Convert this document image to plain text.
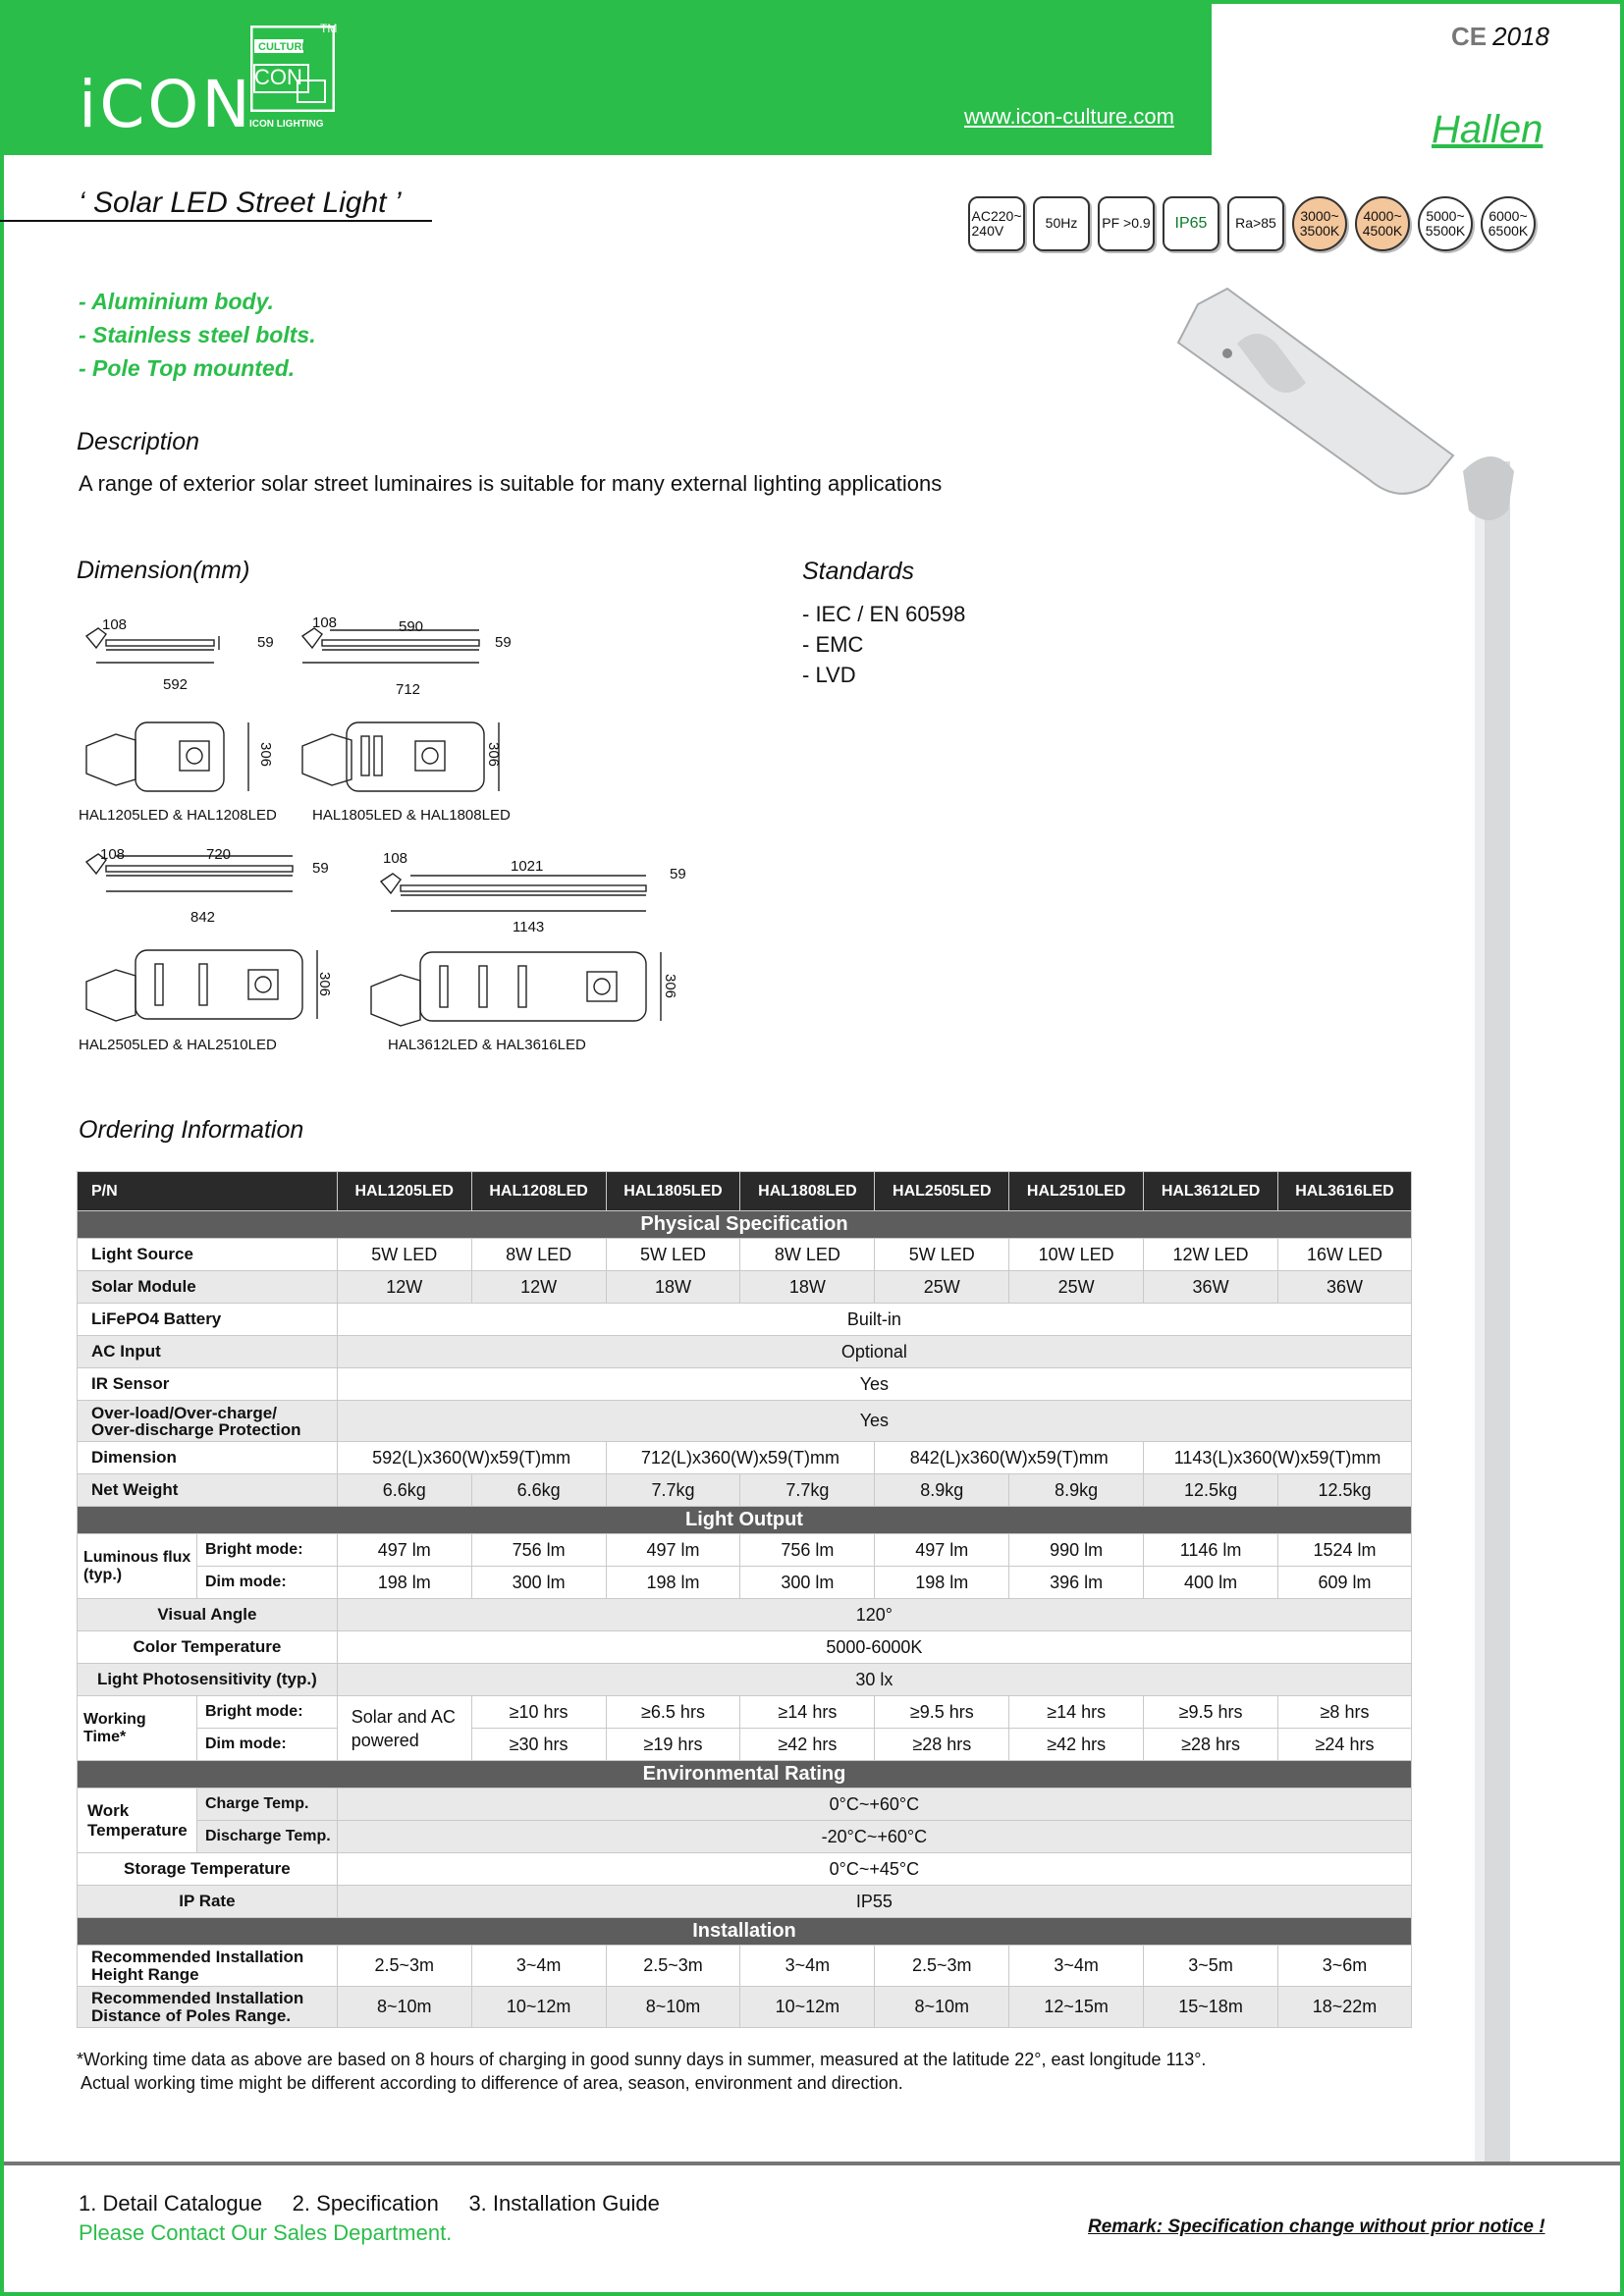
iCON
CULTURE
CON
TM
ICON LIGHTING	www.icon-culture.com
CE 2018
Hallen
‘ Solar LED Street Light ’	AC220~ 240V	50Hz	PF >0.9	IP65	Ra>85	3000~ 3500K
4000~ 4500K
5000~ 5500K
6000~ 6500K
- Aluminium body.
- Stainless steel bolts.
- Pole Top mounted.
Description
A range of exterior solar street luminaires is suitable for many external lighting applications
Dimension(mm)
108
59
592
306
HAL1205LED & HAL1208LED
108	590
59
712
306
HAL1805LED & HAL1808LED
108	720
59
842
306
HAL2505LED & HAL2510LED
108	1021	59
1143
306
HAL3612LED & HAL3616LED
Standards
- IEC / EN 60598
- EMC
- LVD
Ordering Information
P/N		HAL1205LED	HAL1208LED	HAL1805LED	HAL1808LED	HAL2505LED	HAL2510LED	HAL3612LED	HAL3616LED
Physical Specification									
Light Source		5W LED	8W LED	5W LED	8W LED	5W LED	10W LED	12W LED	16W LED
Solar Module		12W	12W	18W	18W	25W	25W	36W	36W
LiFePO4 Battery		Built-in							
AC Input		Optional							
IR Sensor		Yes							

Over-load/Over-charge/
Over-discharge Protection		Yes							
Dimension		592(L)x360(W)x59(T)mm		712(L)x360(W)x59(T)mm		842(L)x360(W)x59(T)mm		1143(L)x360(W)x59(T)mm	
Net Weight		6.6kg	6.6kg	7.7kg	7.7kg	8.9kg	8.9kg	12.5kg	12.5kg
Light Output									

Luminous flux
(typ.)	Bright mode:	497 lm	756 lm	497 lm	756 lm	497 lm	990 lm	1146 lm	1524 lm
	Dim mode:	198 lm	300 lm	198 lm	300 lm	198 lm	396 lm	400 lm	609 lm
Visual Angle		120°							
Color Temperature		5000-6000K							
Light Photosensitivity (typ.)		30 lx							
Working Time*	Bright mode:	Solar and AC powered	≥10 hrs	≥6.5 hrs	≥14 hrs	≥9.5 hrs	≥14 hrs	≥9.5 hrs	≥8 hrs
	Dim mode:		≥30 hrs	≥19 hrs	≥42 hrs	≥28 hrs	≥42 hrs	≥28 hrs	≥24 hrs
Environmental Rating									

Work
Temperature	Charge Temp.	0°C~+60°C							
	Discharge Temp.	-20°C~+60°C							
Storage Temperature		0°C~+45°C							
IP Rate		IP55							
Installation									

Recommended Installation
Height Range		2.5~3m	3~4m	2.5~3m	3~4m	2.5~3m	3~4m	3~5m	3~6m

Recommended Installation
Distance of Poles Range.		8~10m	10~12m	8~10m	10~12m	8~10m	12~15m	15~18m	18~22m
*Working time data as above are based on 8 hours of charging in good sunny days in summer, measured at the latitude 22°, east longitude 113°.
Actual working time might be different according to difference of area, season, environment and direction.
1. Detail Catalogue     2. Specification     3. Installation Guide
Please Contact Our Sales Department.	Remark: Specification change without prior notice !
